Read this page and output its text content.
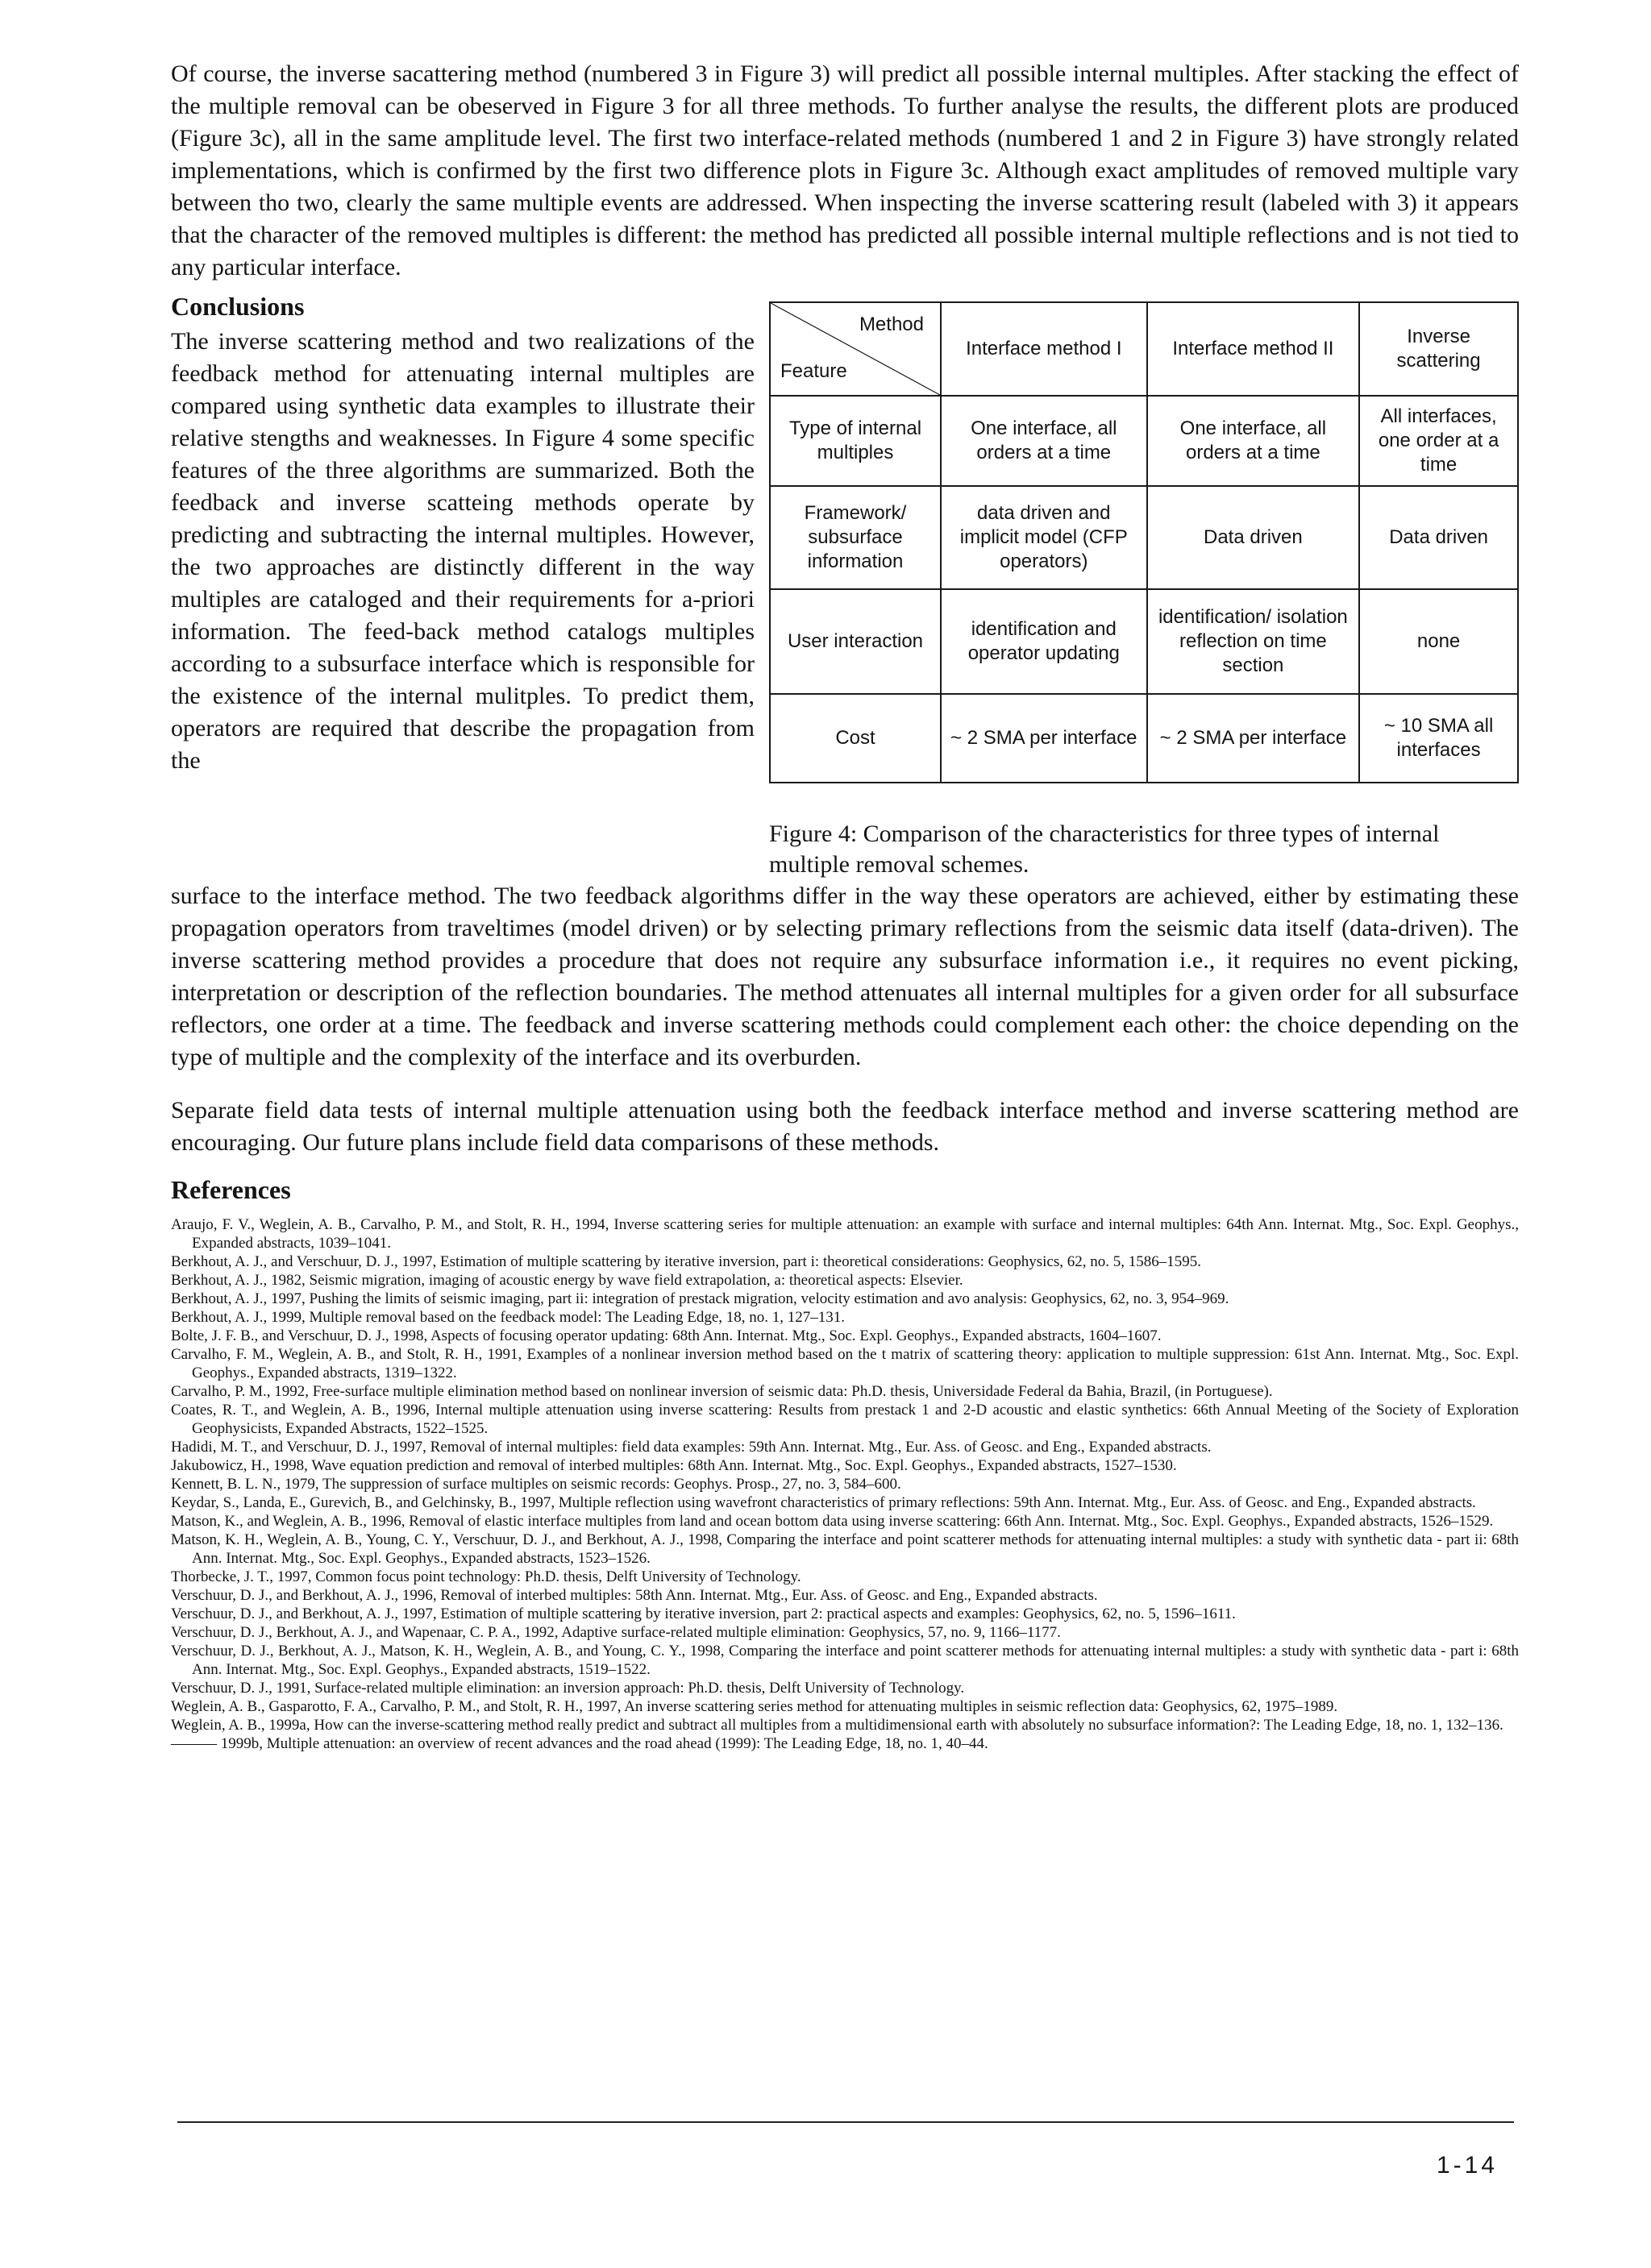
Of course, the inverse sacattering method (numbered 3 in Figure 3) will predict all possible internal multiples. After stacking the effect of the multiple removal can be obeserved in Figure 3 for all three methods. To further analyse the results, the different plots are produced (Figure 3c), all in the same amplitude level. The first two interface-related methods (numbered 1 and 2 in Figure 3) have strongly related implementations, which is confirmed by the first two difference plots in Figure 3c. Although exact amplitudes of removed multiple vary between tho two, clearly the same multiple events are addressed. When inspecting the inverse scattering result (labeled with 3) it appears that the character of the removed multiples is different: the method has predicted all possible internal multiple reflections and is not tied to any particular interface.

Conclusions

The inverse scattering method and two realizations of the feedback method for attenuating internal multiples are compared using synthetic data examples to illustrate their relative stengths and weaknesses. In Figure 4 some specific features of the three algorithms are summarized. Both the feedback and inverse scatteing methods operate by predicting and subtracting the internal multiples. However, the two approaches are distinctly different in the way multiples are cataloged and their requirements for a-priori information. The feed-back method catalogs multiples according to a subsurface interface which is responsible for the existence of the internal mulitples. To predict them, operators are required that describe the propagation from the

Method
Feature	Interface method I	Interface method II	Inverse scattering
Type of internal multiples	One interface, all orders at a time	One interface, all orders at a time	All interfaces, one order at a time
Framework/ subsurface information	data driven and implicit model (CFP operators)	Data driven	Data driven
User interaction	identification and operator updating	identification/ isolation reflection on time section	none
Cost	~ 2 SMA per interface	~ 2 SMA per interface	~ 10 SMA all interfaces

Figure 4: Comparison of the characteristics for three types of internal multiple removal schemes.

surface to the interface method. The two feedback algorithms differ in the way these operators are achieved, either by estimating these propagation operators from traveltimes (model driven) or by selecting primary reflections from the seismic data itself (data-driven). The inverse scattering method provides a procedure that does not require any subsurface information i.e., it requires no event picking, interpretation or description of the reflection boundaries. The method attenuates all internal multiples for a given order for all subsurface reflectors, one order at a time. The feedback and inverse scattering methods could complement each other: the choice depending on the type of multiple and the complexity of the interface and its overburden.

Separate field data tests of internal multiple attenuation using both the feedback interface method and inverse scattering method are encouraging. Our future plans include field data comparisons of these methods.

References
Araujo, F. V., Weglein, A. B., Carvalho, P. M., and Stolt, R. H., 1994, Inverse scattering series for multiple attenuation: an example with surface and internal multiples: 64th Ann. Internat. Mtg., Soc. Expl. Geophys., Expanded abstracts, 1039–1041.
Berkhout, A. J., and Verschuur, D. J., 1997, Estimation of multiple scattering by iterative inversion, part i: theoretical considerations: Geophysics, 62, no. 5, 1586–1595.
Berkhout, A. J., 1982, Seismic migration, imaging of acoustic energy by wave field extrapolation, a: theoretical aspects: Elsevier.
Berkhout, A. J., 1997, Pushing the limits of seismic imaging, part ii: integration of prestack migration, velocity estimation and avo analysis: Geophysics, 62, no. 3, 954–969.
Berkhout, A. J., 1999, Multiple removal based on the feedback model: The Leading Edge, 18, no. 1, 127–131.
Bolte, J. F. B., and Verschuur, D. J., 1998, Aspects of focusing operator updating: 68th Ann. Internat. Mtg., Soc. Expl. Geophys., Expanded abstracts, 1604–1607.
Carvalho, F. M., Weglein, A. B., and Stolt, R. H., 1991, Examples of a nonlinear inversion method based on the t matrix of scattering theory: application to multiple suppression: 61st Ann. Internat. Mtg., Soc. Expl. Geophys., Expanded abstracts, 1319–1322.
Carvalho, P. M., 1992, Free-surface multiple elimination method based on nonlinear inversion of seismic data: Ph.D. thesis, Universidade Federal da Bahia, Brazil, (in Portuguese).
Coates, R. T., and Weglein, A. B., 1996, Internal multiple attenuation using inverse scattering: Results from prestack 1 and 2-D acoustic and elastic synthetics: 66th Annual Meeting of the Society of Exploration Geophysicists, Expanded Abstracts, 1522–1525.
Hadidi, M. T., and Verschuur, D. J., 1997, Removal of internal multiples: field data examples: 59th Ann. Internat. Mtg., Eur. Ass. of Geosc. and Eng., Expanded abstracts.
Jakubowicz, H., 1998, Wave equation prediction and removal of interbed multiples: 68th Ann. Internat. Mtg., Soc. Expl. Geophys., Expanded abstracts, 1527–1530.
Kennett, B. L. N., 1979, The suppression of surface multiples on seismic records: Geophys. Prosp., 27, no. 3, 584–600.
Keydar, S., Landa, E., Gurevich, B., and Gelchinsky, B., 1997, Multiple reflection using wavefront characteristics of primary reflections: 59th Ann. Internat. Mtg., Eur. Ass. of Geosc. and Eng., Expanded abstracts.
Matson, K., and Weglein, A. B., 1996, Removal of elastic interface multiples from land and ocean bottom data using inverse scattering: 66th Ann. Internat. Mtg., Soc. Expl. Geophys., Expanded abstracts, 1526–1529.
Matson, K. H., Weglein, A. B., Young, C. Y., Verschuur, D. J., and Berkhout, A. J., 1998, Comparing the interface and point scatterer methods for attenuating internal multiples: a study with synthetic data - part ii: 68th Ann. Internat. Mtg., Soc. Expl. Geophys., Expanded abstracts, 1523–1526.
Thorbecke, J. T., 1997, Common focus point technology: Ph.D. thesis, Delft University of Technology.
Verschuur, D. J., and Berkhout, A. J., 1996, Removal of interbed multiples: 58th Ann. Internat. Mtg., Eur. Ass. of Geosc. and Eng., Expanded abstracts.
Verschuur, D. J., and Berkhout, A. J., 1997, Estimation of multiple scattering by iterative inversion, part 2: practical aspects and examples: Geophysics, 62, no. 5, 1596–1611.
Verschuur, D. J., Berkhout, A. J., and Wapenaar, C. P. A., 1992, Adaptive surface-related multiple elimination: Geophysics, 57, no. 9, 1166–1177.
Verschuur, D. J., Berkhout, A. J., Matson, K. H., Weglein, A. B., and Young, C. Y., 1998, Comparing the interface and point scatterer methods for attenuating internal multiples: a study with synthetic data - part i: 68th Ann. Internat. Mtg., Soc. Expl. Geophys., Expanded abstracts, 1519–1522.
Verschuur, D. J., 1991, Surface-related multiple elimination: an inversion approach: Ph.D. thesis, Delft University of Technology.
Weglein, A. B., Gasparotto, F. A., Carvalho, P. M., and Stolt, R. H., 1997, An inverse scattering series method for attenuating multiples in seismic reflection data: Geophysics, 62, 1975–1989.
Weglein, A. B., 1999a, How can the inverse-scattering method really predict and subtract all multiples from a multidimensional earth with absolutely no subsurface information?: The Leading Edge, 18, no. 1, 132–136.
——— 1999b, Multiple attenuation: an overview of recent advances and the road ahead (1999): The Leading Edge, 18, no. 1, 40–44.
1-14
